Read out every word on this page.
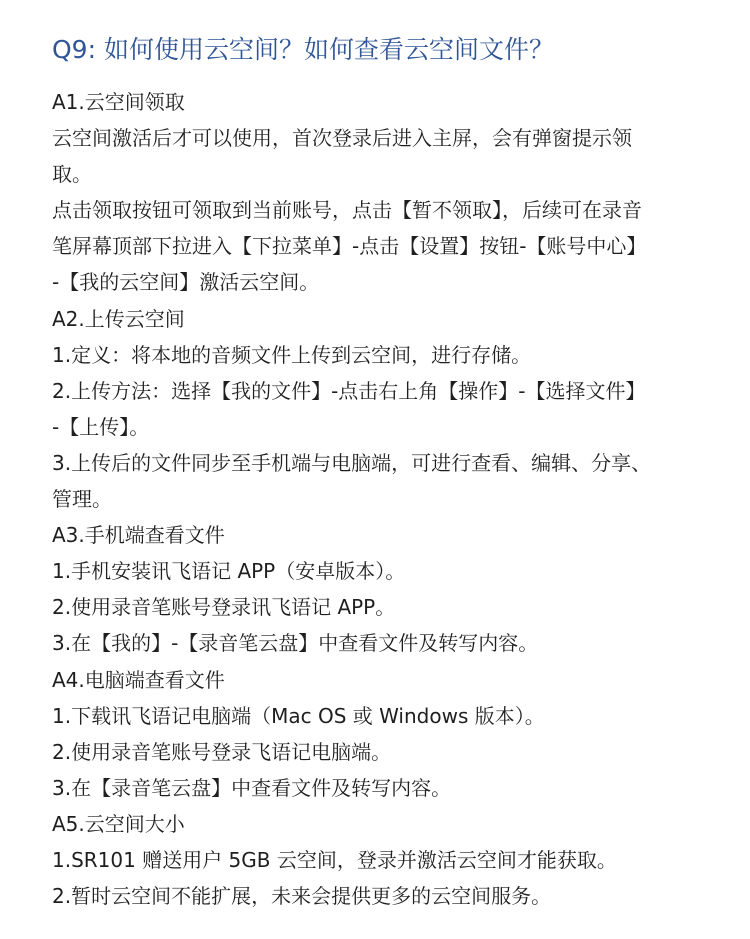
Q9: 如何使用云空间？如何查看云空间文件？
A1.云空间领取
云空间激活后才可以使用，首次登录后进入主屏，会有弹窗提示领
取。
点击领取按钮可领取到当前账号，点击【暂不领取】，后续可在录音
笔屏幕顶部下拉进入【下拉菜单】-点击【设置】按钮-【账号中心】
-【我的云空间】激活云空间。
A2.上传云空间
1.定义：将本地的音频文件上传到云空间，进行存储。
2.上传方法：选择【我的文件】-点击右上角【操作】-【选择文件】
-【上传】。
3.上传后的文件同步至手机端与电脑端，可进行查看、编辑、分享、
管理。
A3.手机端查看文件
1.手机安装讯飞语记 APP（安卓版本）。
2.使用录音笔账号登录讯飞语记 APP。
3.在【我的】-【录音笔云盘】中查看文件及转写内容。
A4.电脑端查看文件
1.下载讯飞语记电脑端（Mac OS 或 Windows 版本）。
2.使用录音笔账号登录飞语记电脑端。
3.在【录音笔云盘】中查看文件及转写内容。
A5.云空间大小
1.SR101 赠送用户 5GB 云空间，登录并激活云空间才能获取。
2.暂时云空间不能扩展，未来会提供更多的云空间服务。
